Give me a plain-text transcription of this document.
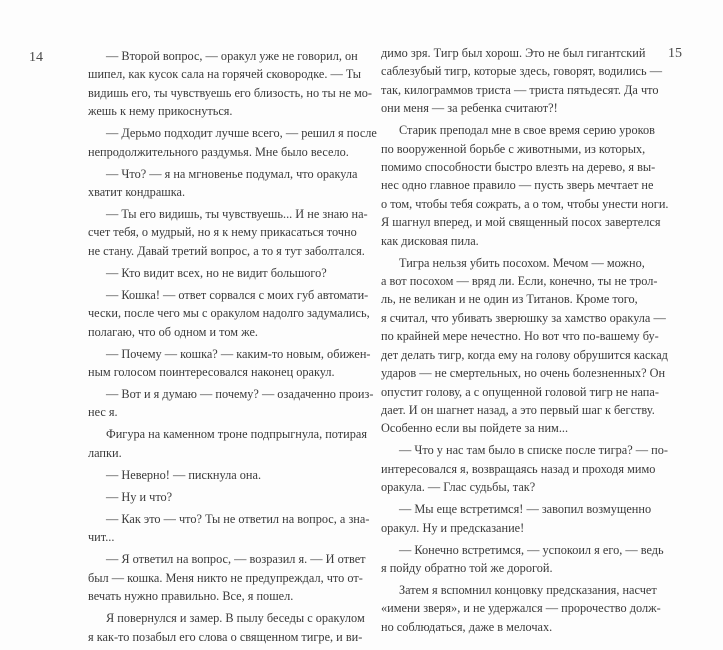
14	15
— Второй вопрос, — оракул уже не говорил, он
шипел, как кусок сала на горячей сковородке. — Ты
видишь его, ты чувствуешь его близость, но ты не мо-
жешь к нему прикоснуться.
— Дерьмо подходит лучше всего, — решил я после
непродолжительного раздумья. Мне было весело.
— Что? — я на мгновенье подумал, что оракула
хватит кондрашка.
— Ты его видишь, ты чувствуешь... И не знаю на-
счет тебя, о мудрый, но я к нему прикасаться точно
не стану. Давай третий вопрос, а то я тут заболтался.
— Кто видит всех, но не видит большого?
— Кошка! — ответ сорвался с моих губ автомати-
чески, после чего мы с оракулом надолго задумались,
полагаю, что об одном и том же.
— Почему — кошка? — каким-то новым, обижен-
ным голосом поинтересовался наконец оракул.
— Вот и я думаю — почему? — озадаченно произ-
нес я.
Фигура на каменном троне подпрыгнула, потирая
лапки.
— Неверно! — пискнула она.
— Ну и что?
— Как это — что? Ты не ответил на вопрос, а зна-
чит...
— Я ответил на вопрос, — возразил я. — И ответ
был — кошка. Меня никто не предупреждал, что от-
вечать нужно правильно. Все, я пошел.
Я повернулся и замер. В пылу беседы с оракулом
я как-то позабыл его слова о священном тигре, и ви-
димо зря. Тигр был хорош. Это не был гигантский
саблезубый тигр, которые здесь, говорят, водились —
так, килограммов триста — триста пятьдесят. Да что
они меня — за ребенка считают?!
Старик преподал мне в свое время серию уроков
по вооруженной борьбе с животными, из которых,
помимо способности быстро влезть на дерево, я вы-
нес одно главное правило — пусть зверь мечтает не
о том, чтобы тебя сожрать, а о том, чтобы унести ноги.
Я шагнул вперед, и мой священный посох завертелся
как дисковая пила.
Тигра нельзя убить посохом. Мечом — можно,
а вот посохом — вряд ли. Если, конечно, ты не трол-
ль, не великан и не один из Титанов. Кроме того,
я считал, что убивать зверюшку за хамство оракула —
по крайней мере нечестно. Но вот что по-вашему бу-
дет делать тигр, когда ему на голову обрушится каскад
ударов — не смертельных, но очень болезненных? Он
опустит голову, а с опущенной головой тигр не напа-
дает. И он шагнет назад, а это первый шаг к бегству.
Особенно если вы пойдете за ним...
— Что у нас там было в списке после тигра? — по-
интересовался я, возвращаясь назад и проходя мимо
оракула. — Глас судьбы, так?
— Мы еще встретимся! — завопил возмущенно
оракул. Ну и предсказание!
— Конечно встретимся, — успокоил я его, — ведь
я пойду обратно той же дорогой.
Затем я вспомнил концовку предсказания, насчет
«имени зверя», и не удержался — пророчество долж-
но соблюдаться, даже в мелочах.
